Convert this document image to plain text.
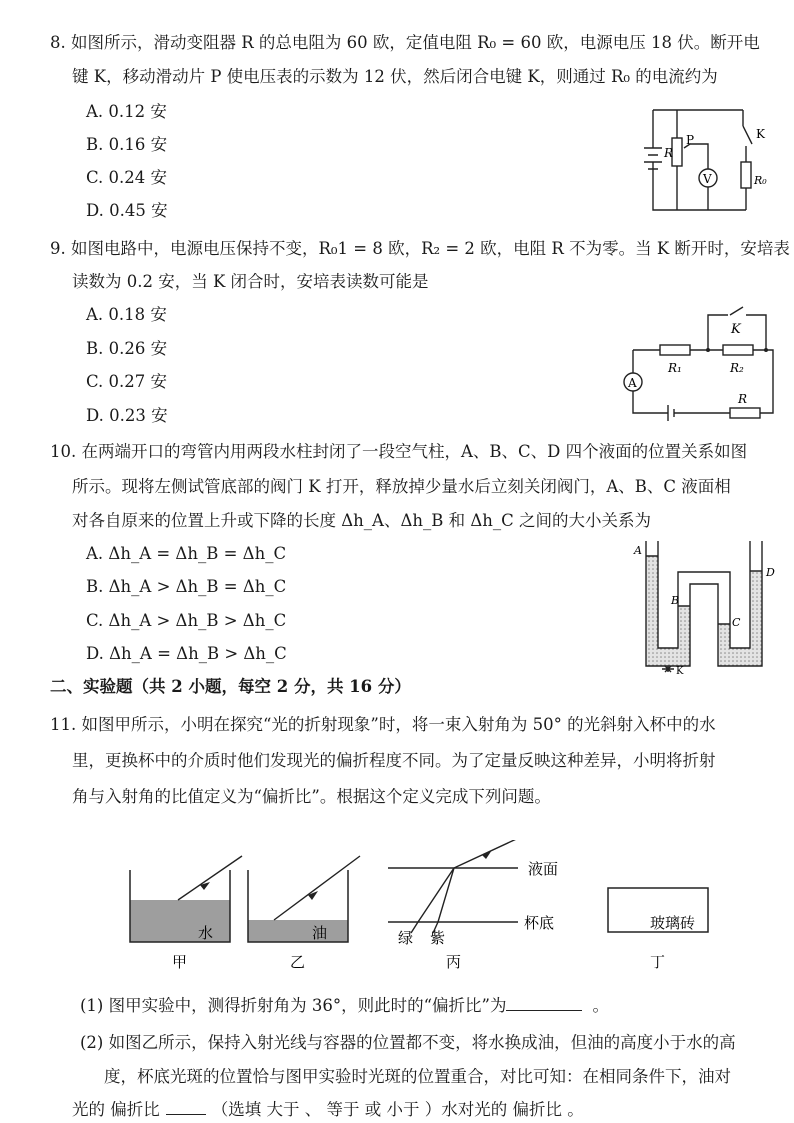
8. 如图所示，滑动变阻器 R 的总电阻为 60 欧，定值电阻 R₀ = 60 欧，电源电压 18 伏。断开电
键 K，移动滑动片 P 使电压表的示数为 12 伏，然后闭合电键 K，则通过 R₀ 的电流约为
A. 0.12 安
B. 0.16 安
C. 0.24 安
D. 0.45 安
R
P
V
K
R₀
9. 如图电路中，电源电压保持不变，R₀1 = 8 欧，R₂ = 2 欧，电阻 R 不为零。当 K 断开时，安培表
读数为 0.2 安，当 K 闭合时，安培表读数可能是
A. 0.18 安
B. 0.26 安
C. 0.27 安
D. 0.23 安
K
A
R₁	R₂
R
10. 在两端开口的弯管内用两段水柱封闭了一段空气柱，A、B、C、D 四个液面的位置关系如图
所示。现将左侧试管底部的阀门 K 打开，释放掉少量水后立刻关闭阀门，A、B、C 液面相
对各自原来的位置上升或下降的长度 Δh_A、Δh_B 和 Δh_C 之间的大小关系为
A. Δh_A = Δh_B = Δh_C
B. Δh_A > Δh_B = Δh_C
C. Δh_A > Δh_B > Δh_C
D. Δh_A = Δh_B > Δh_C
A
B
C
D
K
二、实验题（共 2 小题，每空 2 分，共 16 分）
11. 如图甲所示，小明在探究“光的折射现象”时，将一束入射角为 50° 的光斜射入杯中的水
里，更换杯中的介质时他们发现光的偏折程度不同。为了定量反映这种差异，小明将折射
角与入射角的比值定义为“偏折比”。根据这个定义完成下列问题。
水	油
液面
杯底
绿 紫
玻璃砖
甲	乙	丙	丁
(1) 图甲实验中，测得折射角为 36°，则此时的“偏折比”为	。
(2) 如图乙所示，保持入射光线与容器的位置都不变，将水换成油，但油的高度小于水的高
度，杯底光斑的位置恰与图甲实验时光斑的位置重合，对比可知：在相同条件下，油对
光的 偏折比	（选填 大于 、 等于 或 小于 ）水对光的 偏折比 。
